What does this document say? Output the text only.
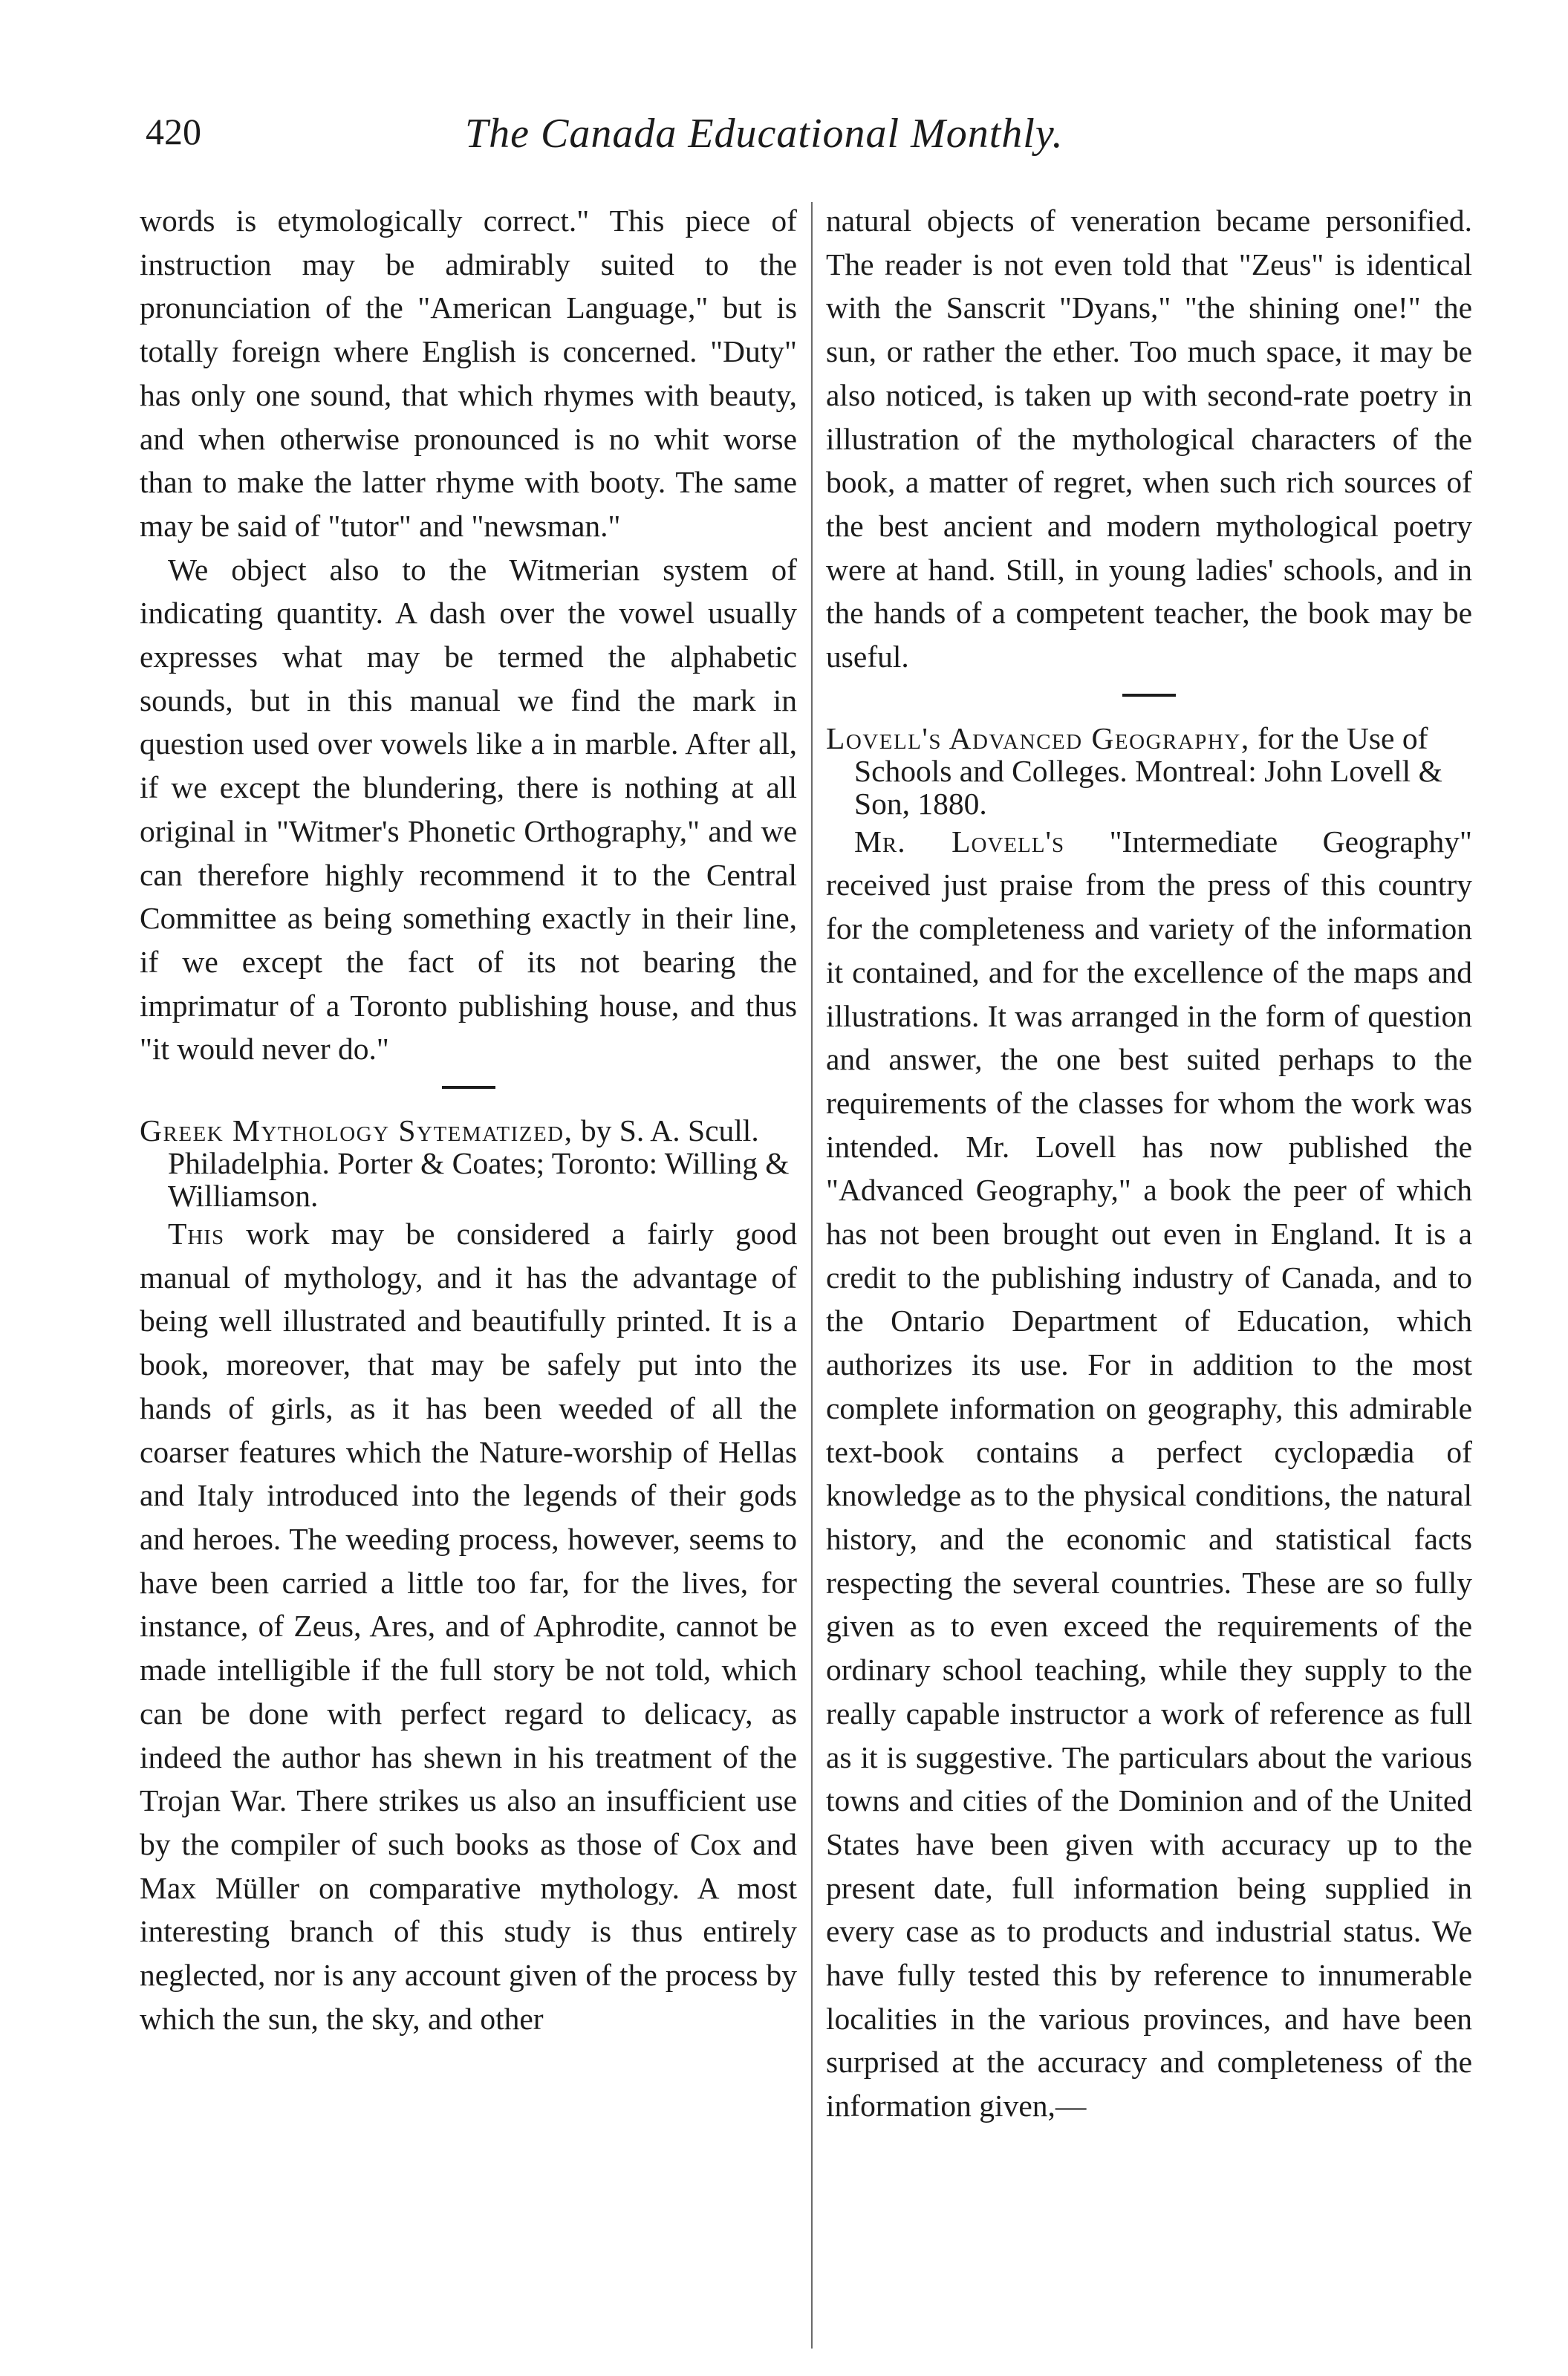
420	The Canada Educational Monthly.

words is etymologically correct." This piece of instruction may be admirably suited to the pronunciation of the "American Language," but is totally foreign where English is concerned. "Duty" has only one sound, that which rhymes with beauty, and when otherwise pronounced is no whit worse than to make the latter rhyme with booty. The same may be said of "tutor" and "newsman."

We object also to the Witmerian system of indicating quantity. A dash over the vowel usually expresses what may be termed the alphabetic sounds, but in this manual we find the mark in question used over vowels like a in marble. After all, if we except the blundering, there is nothing at all original in "Witmer's Phonetic Orthography," and we can therefore highly recommend it to the Central Committee as being something exactly in their line, if we except the fact of its not bearing the imprimatur of a Toronto publishing house, and thus "it would never do."

Greek Mythology Sytematized, by S. A. Scull. Philadelphia. Porter & Coates; Toronto: Willing & Williamson.

This work may be considered a fairly good manual of mythology, and it has the advantage of being well illustrated and beautifully printed. It is a book, moreover, that may be safely put into the hands of girls, as it has been weeded of all the coarser features which the Nature-worship of Hellas and Italy introduced into the legends of their gods and heroes. The weeding process, however, seems to have been carried a little too far, for the lives, for instance, of Zeus, Ares, and of Aphrodite, cannot be made intelligible if the full story be not told, which can be done with perfect regard to delicacy, as indeed the author has shewn in his treatment of the Trojan War. There strikes us also an insufficient use by the compiler of such books as those of Cox and Max Müller on comparative mythology. A most interesting branch of this study is thus entirely neglected, nor is any account given of the process by which the sun, the sky, and other

natural objects of veneration became personified. The reader is not even told that "Zeus" is identical with the Sanscrit "Dyans," "the shining one!" the sun, or rather the ether. Too much space, it may be also noticed, is taken up with second-rate poetry in illustration of the mythological characters of the book, a matter of regret, when such rich sources of the best ancient and modern mythological poetry were at hand. Still, in young ladies' schools, and in the hands of a competent teacher, the book may be useful.

Lovell's Advanced Geography, for the Use of Schools and Colleges. Montreal: John Lovell & Son, 1880.

Mr. Lovell's "Intermediate Geography" received just praise from the press of this country for the completeness and variety of the information it contained, and for the excellence of the maps and illustrations. It was arranged in the form of question and answer, the one best suited perhaps to the requirements of the classes for whom the work was intended. Mr. Lovell has now published the "Advanced Geography," a book the peer of which has not been brought out even in England. It is a credit to the publishing industry of Canada, and to the Ontario Department of Education, which authorizes its use. For in addition to the most complete information on geography, this admirable text-book contains a perfect cyclopædia of knowledge as to the physical conditions, the natural history, and the economic and statistical facts respecting the several countries. These are so fully given as to even exceed the requirements of the ordinary school teaching, while they supply to the really capable instructor a work of reference as full as it is suggestive. The particulars about the various towns and cities of the Dominion and of the United States have been given with accuracy up to the present date, full information being supplied in every case as to products and industrial status. We have fully tested this by reference to innumerable localities in the various provinces, and have been surprised at the accuracy and completeness of the information given,—
